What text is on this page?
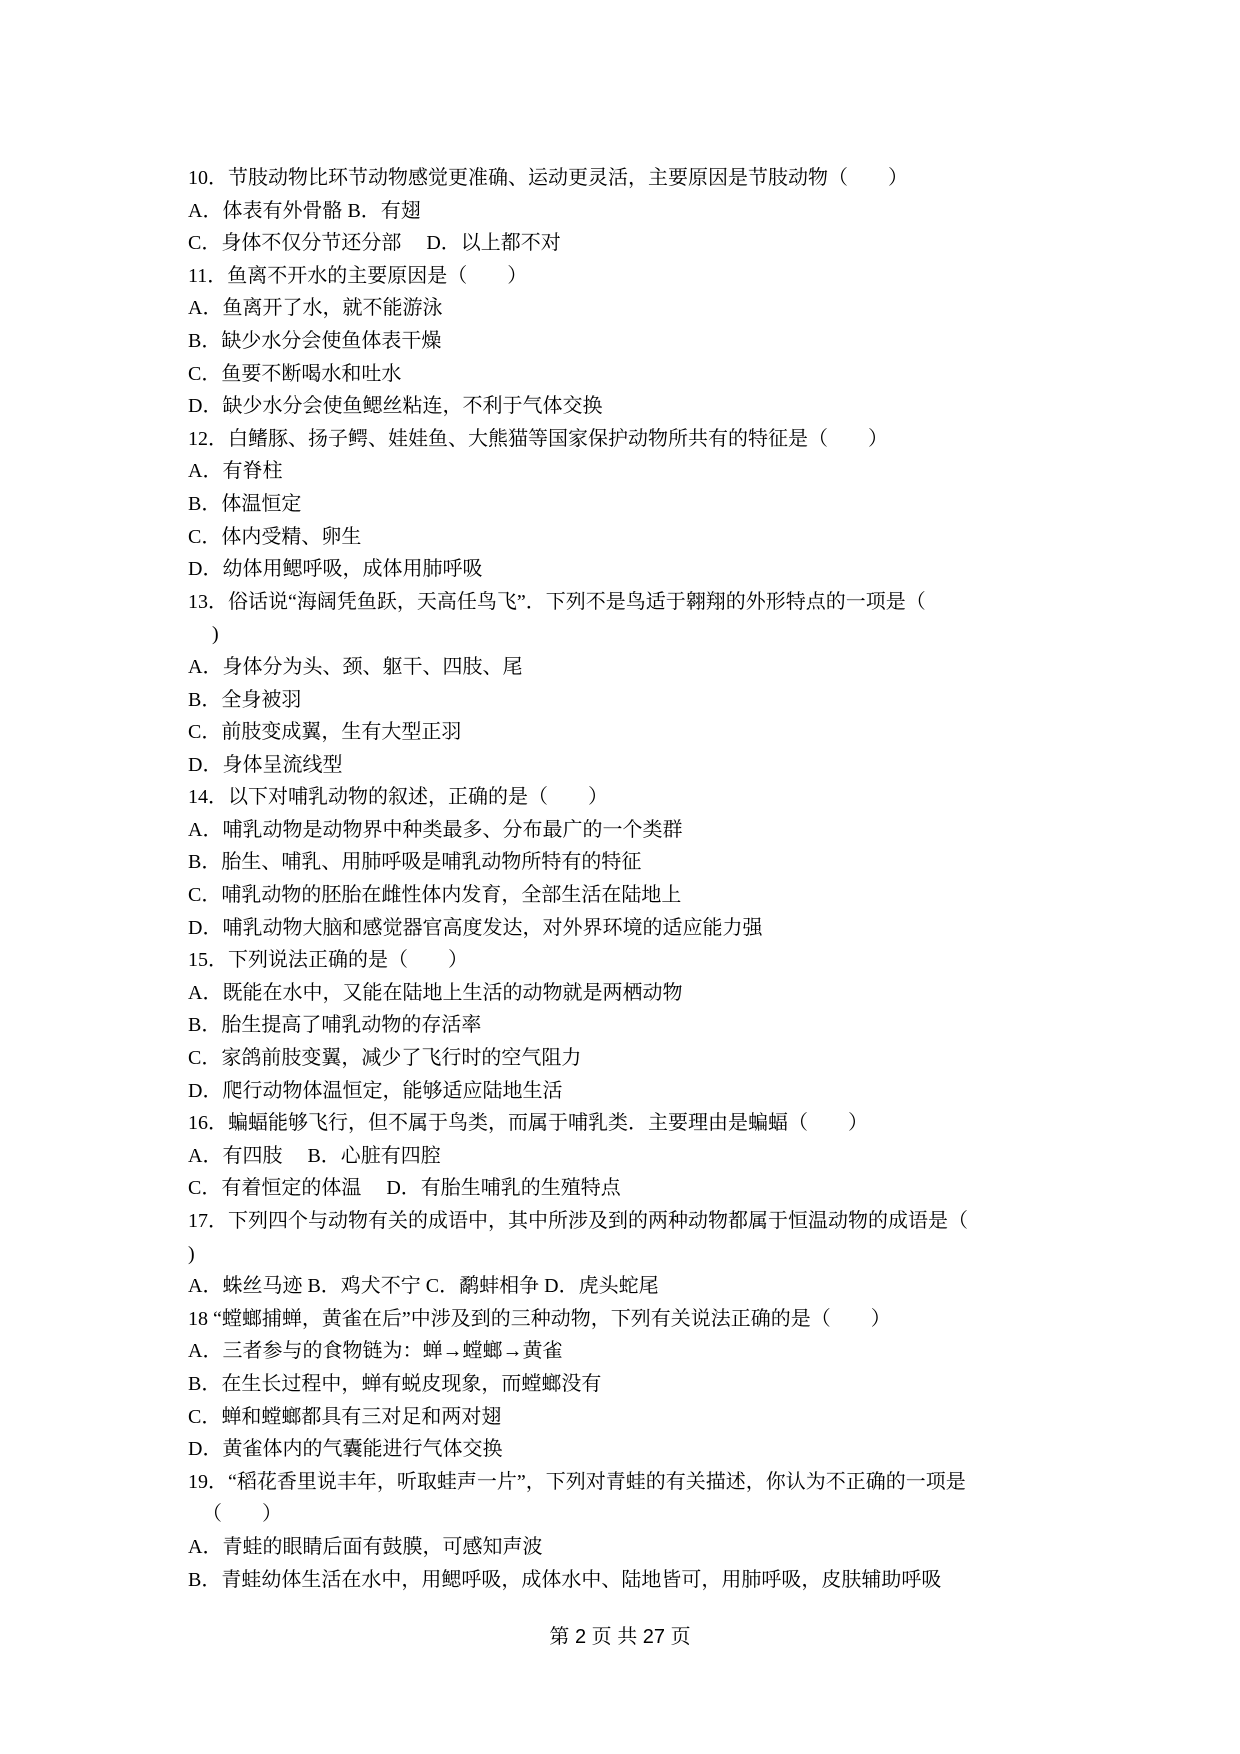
10．节肢动物比环节动物感觉更准确、运动更灵活，主要原因是节肢动物（　　）
A．体表有外骨骼 B．有翅
C．身体不仅分节还分部　 D．以上都不对
11．鱼离不开水的主要原因是（　　）
A．鱼离开了水，就不能游泳
B．缺少水分会使鱼体表干燥
C．鱼要不断喝水和吐水
D．缺少水分会使鱼鳃丝粘连，不利于气体交换
12．白鳍豚、扬子鳄、娃娃鱼、大熊猫等国家保护动物所共有的特征是（　　）
A．有脊柱
B．体温恒定
C．体内受精、卵生
D．幼体用鳃呼吸，成体用肺呼吸
13．俗话说“海阔凭鱼跃，天高任鸟飞”．下列不是鸟适于翱翔的外形特点的一项是（
)
A．身体分为头、颈、躯干、四肢、尾
B．全身被羽
C．前肢变成翼，生有大型正羽
D．身体呈流线型
14．以下对哺乳动物的叙述，正确的是（　　）
A．哺乳动物是动物界中种类最多、分布最广的一个类群
B．胎生、哺乳、用肺呼吸是哺乳动物所特有的特征
C．哺乳动物的胚胎在雌性体内发育，全部生活在陆地上
D．哺乳动物大脑和感觉器官高度发达，对外界环境的适应能力强
15．下列说法正确的是（　　）
A．既能在水中，又能在陆地上生活的动物就是两栖动物
B．胎生提高了哺乳动物的存活率
C．家鸽前肢变翼，减少了飞行时的空气阻力
D．爬行动物体温恒定，能够适应陆地生活
16．蝙蝠能够飞行，但不属于鸟类，而属于哺乳类．主要理由是蝙蝠（　　）
A．有四肢　 B．心脏有四腔
C．有着恒定的体温　 D．有胎生哺乳的生殖特点
17．下列四个与动物有关的成语中，其中所涉及到的两种动物都属于恒温动物的成语是（
)
A．蛛丝马迹 B．鸡犬不宁 C．鹬蚌相争 D．虎头蛇尾
18 “螳螂捕蝉，黄雀在后”中涉及到的三种动物，下列有关说法正确的是（　　）
A．三者参与的食物链为：蝉→螳螂→黄雀
B．在生长过程中，蝉有蜕皮现象，而螳螂没有
C．蝉和螳螂都具有三对足和两对翅
D．黄雀体内的气囊能进行气体交换
19．“稻花香里说丰年，听取蛙声一片”，下列对青蛙的有关描述，你认为不正确的一项是
（　　）
A．青蛙的眼睛后面有鼓膜，可感知声波
B．青蛙幼体生活在水中，用鳃呼吸，成体水中、陆地皆可，用肺呼吸，皮肤辅助呼吸
第 2 页 共 27 页
